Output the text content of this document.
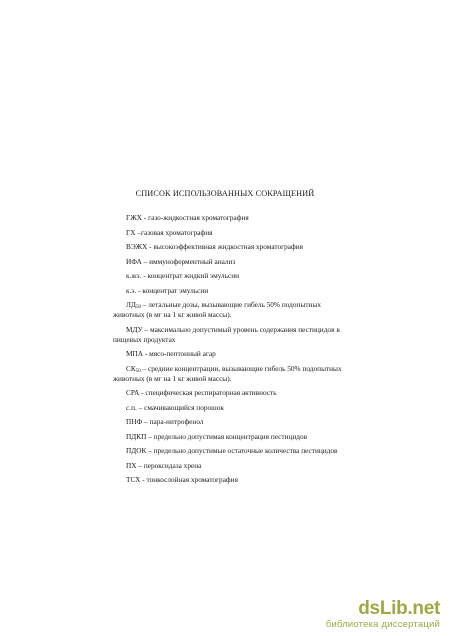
СПИСОК ИСПОЛЬЗОВАННЫХ СОКРАЩЕНИЙ
ГЖХ - газо-жидкостная хроматография
ГХ –газовая хроматография
ВЭЖХ - высокоэффективная жидкостная хроматография
ИФА – иммуноферментный анализ
к.жэ. - концентрат жидкий эмульсии
к.э. - концентрат эмульсии
$ЛД_{50}$ – летальные дозы, вызывающие гибель 50% подопытных
животных (в мг на 1 кг живой массы).
МДУ – максимально допустимый уровень содержания пестицидов в
пищевых продуктах
МПА - мясо-пептонный агар
$СК_{50}$ – средние концентрации, вызывающие гибель 50% подопытных
животных (в мг на 1 кг живой массы).
СРА - специфическая респираторная активность
с.п. – смачивающийся порошок
ПНФ – пара-нитрофенол
ПДКП – предельно допустимая концентрация пестицидов
ПДОК – предельно допустимые остаточные количества пестицидов
ПХ – пероксидаза хрена
ТСХ - тонкослойная хроматография
dsLib.net
библиотека диссертаций
